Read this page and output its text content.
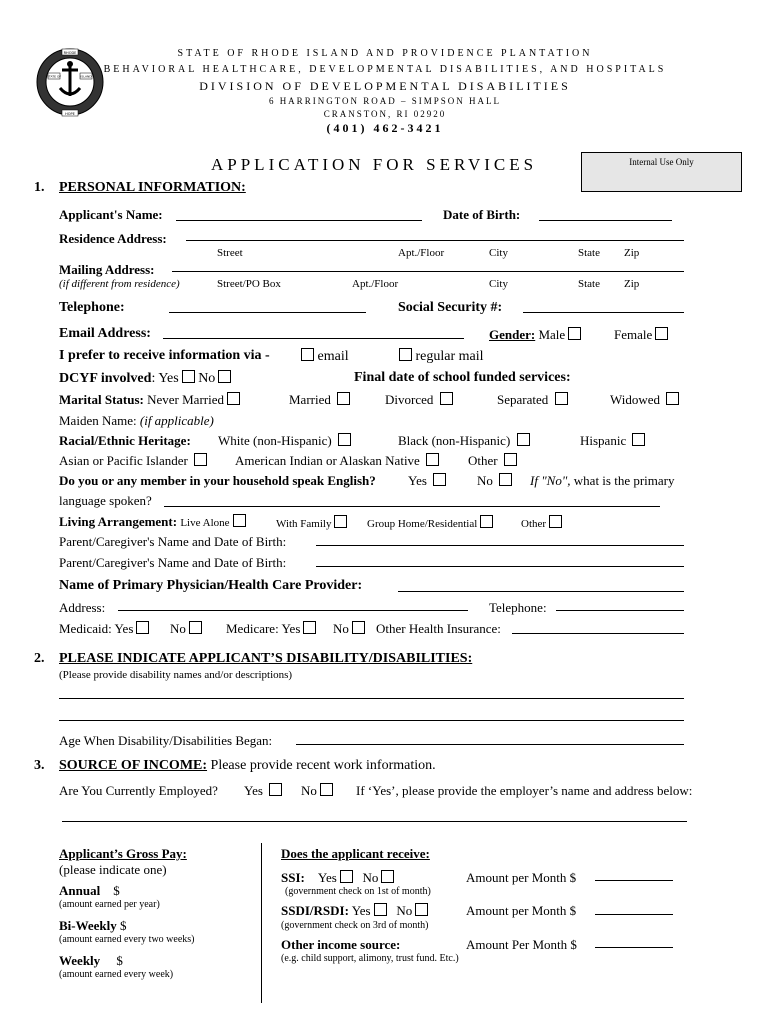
RHODE
STATE OF	ISLAND
HOPE
STATE OF RHODE ISLAND AND PROVIDENCE PLANTATION
BEHAVIORAL HEALTHCARE, DEVELOPMENTAL DISABILITIES, AND HOSPITALS
DIVISION OF DEVELOPMENTAL DISABILITIES
6 HARRINGTON ROAD – SIMPSON HALL
CRANSTON, RI 02920
(401) 462-3421
APPLICATION FOR SERVICES	Internal Use Only
1. PERSONAL INFORMATION:
Applicant's Name:	Date of Birth:
Residence Address:
Street	Apt./Floor	City	State Zip
Mailing Address:
(if different from residence)	Street/PO Box	Apt./Floor	City	State Zip
Telephone:	Social Security #:
Email Address:	Gender: Male	Female
I prefer to receive information via -	email	regular mail
DCYF involved: Yes No	Final date of school funded services:
Marital Status: Never Married	Married	Divorced	Separated	Widowed
Maiden Name: (if applicable)
Racial/Ethnic Heritage: White (non-Hispanic)	Black (non-Hispanic)	Hispanic
Asian or Pacific Islander	American Indian or Alaskan Native	Other
Do you or any member in your household speak English? Yes	No	If "No", what is the primary
language spoken?
Living Arrangement: Live Alone	With Family	Group Home/Residential	Other
Parent/Caregiver's Name and Date of Birth:
Parent/Caregiver's Name and Date of Birth:
Name of Primary Physician/Health Care Provider:
Address:	Telephone:
Medicaid: Yes	No	Medicare: Yes	No	Other Health Insurance:
2. PLEASE INDICATE APPLICANT’S DISABILITY/DISABILITIES:
(Please provide disability names and/or descriptions)
Age When Disability/Disabilities Began:
3. SOURCE OF INCOME: Please provide recent work information.
Are You Currently Employed? Yes	No	If ‘Yes’, please provide the employer’s name and address below:
Applicant’s Gross Pay:
(please indicate one)
Annual $
(amount earned per year)
Bi-Weekly $
(amount earned every two weeks)
Weekly $
(amount earned every week)
Does the applicant receive:
SSI: Yes No	Amount per Month $
(government check on 1st of month)
SSDI/RSDI: Yes No	Amount per Month $
(government check on 3rd of month)
Other income source:	Amount Per Month $
(e.g. child support, alimony, trust fund. Etc.)
